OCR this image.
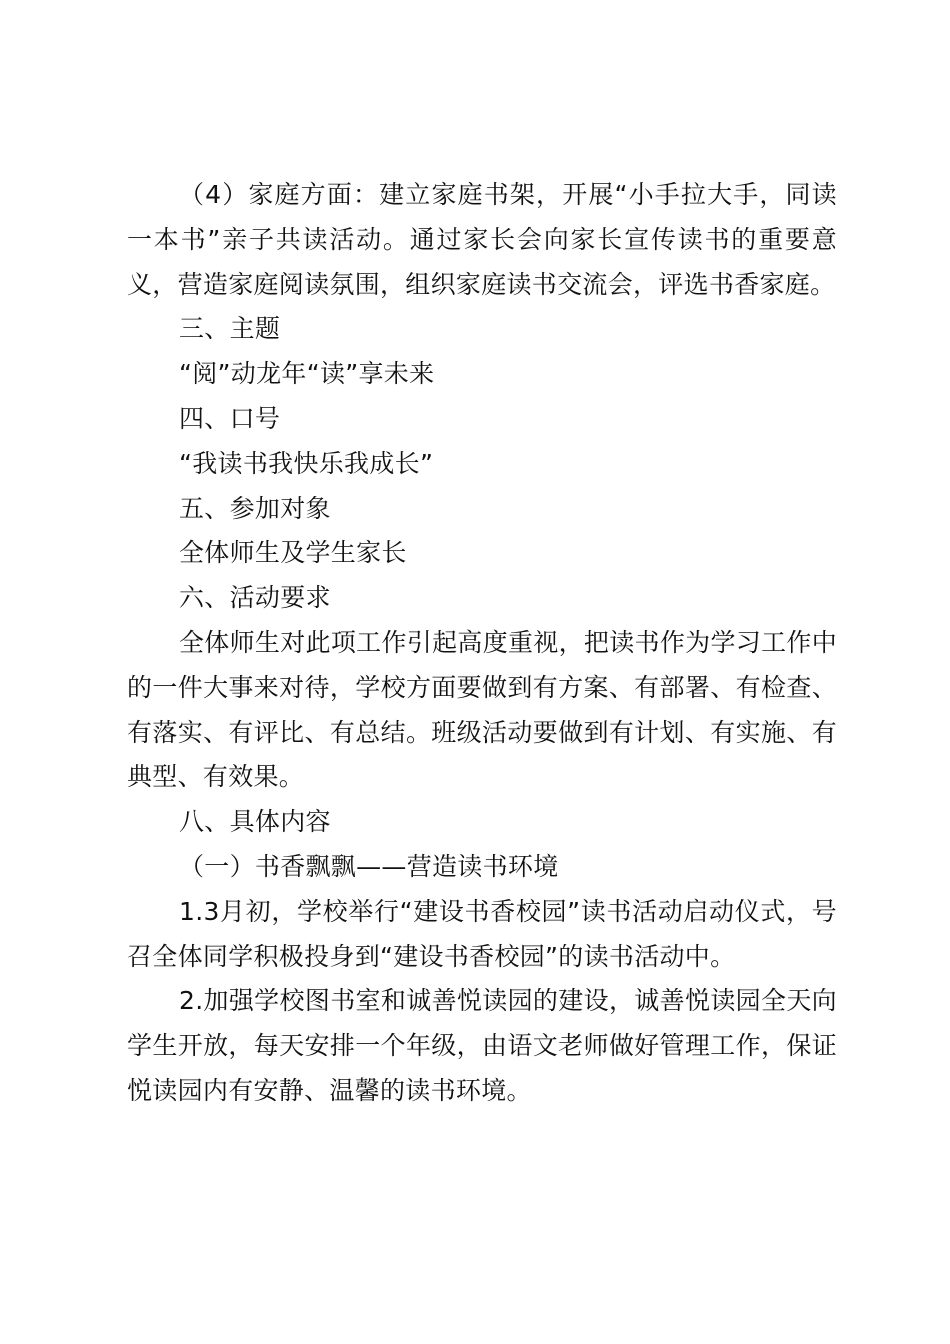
（4）家庭方面：建立家庭书架，开展“小手拉大手，同读一本书”亲子共读活动。通过家长会向家长宣传读书的重要意义，营造家庭阅读氛围，组织家庭读书交流会，评选书香家庭。

三、主题

“阅”动龙年“读”享未来

四、口号

“我读书我快乐我成长”

五、参加对象

全体师生及学生家长

六、活动要求

全体师生对此项工作引起高度重视，把读书作为学习工作中的一件大事来对待，学校方面要做到有方案、有部署、有检查、有落实、有评比、有总结。班级活动要做到有计划、有实施、有典型、有效果。

八、具体内容

（一）书香飘飘——营造读书环境

1.3月初，学校举行“建设书香校园”读书活动启动仪式，号召全体同学积极投身到“建设书香校园”的读书活动中。

2.加强学校图书室和诚善悦读园的建设，诚善悦读园全天向学生开放，每天安排一个年级，由语文老师做好管理工作，保证悦读园内有安静、温馨的读书环境。
